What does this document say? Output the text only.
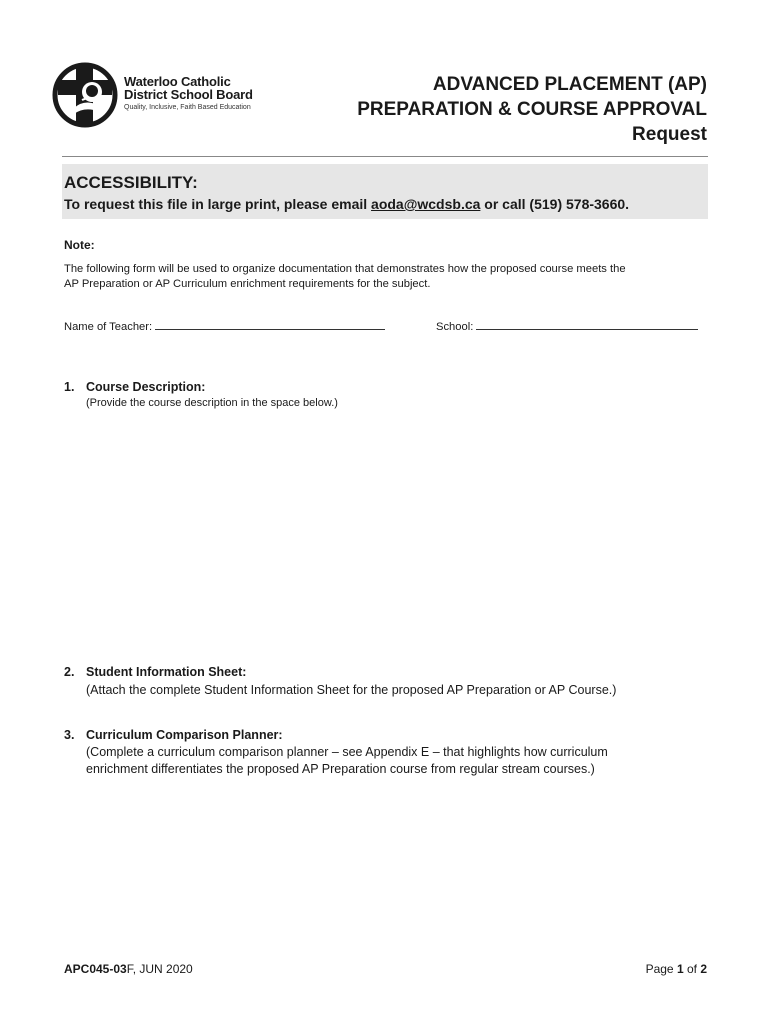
Waterloo Catholic
District School Board
Quality, Inclusive, Faith Based Education
ADVANCED PLACEMENT (AP)
PREPARATION & COURSE APPROVAL
Request
ACCESSIBILITY:
To request this file in large print, please email aoda@wcdsb.ca or call (519) 578-3660.
Note:
The following form will be used to organize documentation that demonstrates how the proposed course meets the
AP Preparation or AP Curriculum enrichment requirements for the subject.
Name of Teacher:	School:
1. Course Description:
(Provide the course description in the space below.)
2. Student Information Sheet:
(Attach the complete Student Information Sheet for the proposed AP Preparation or AP Course.)
3. Curriculum Comparison Planner:
(Complete a curriculum comparison planner – see Appendix E – that highlights how curriculum
enrichment differentiates the proposed AP Preparation course from regular stream courses.)
APC045-03F, JUN 2020	Page 1 of 2
